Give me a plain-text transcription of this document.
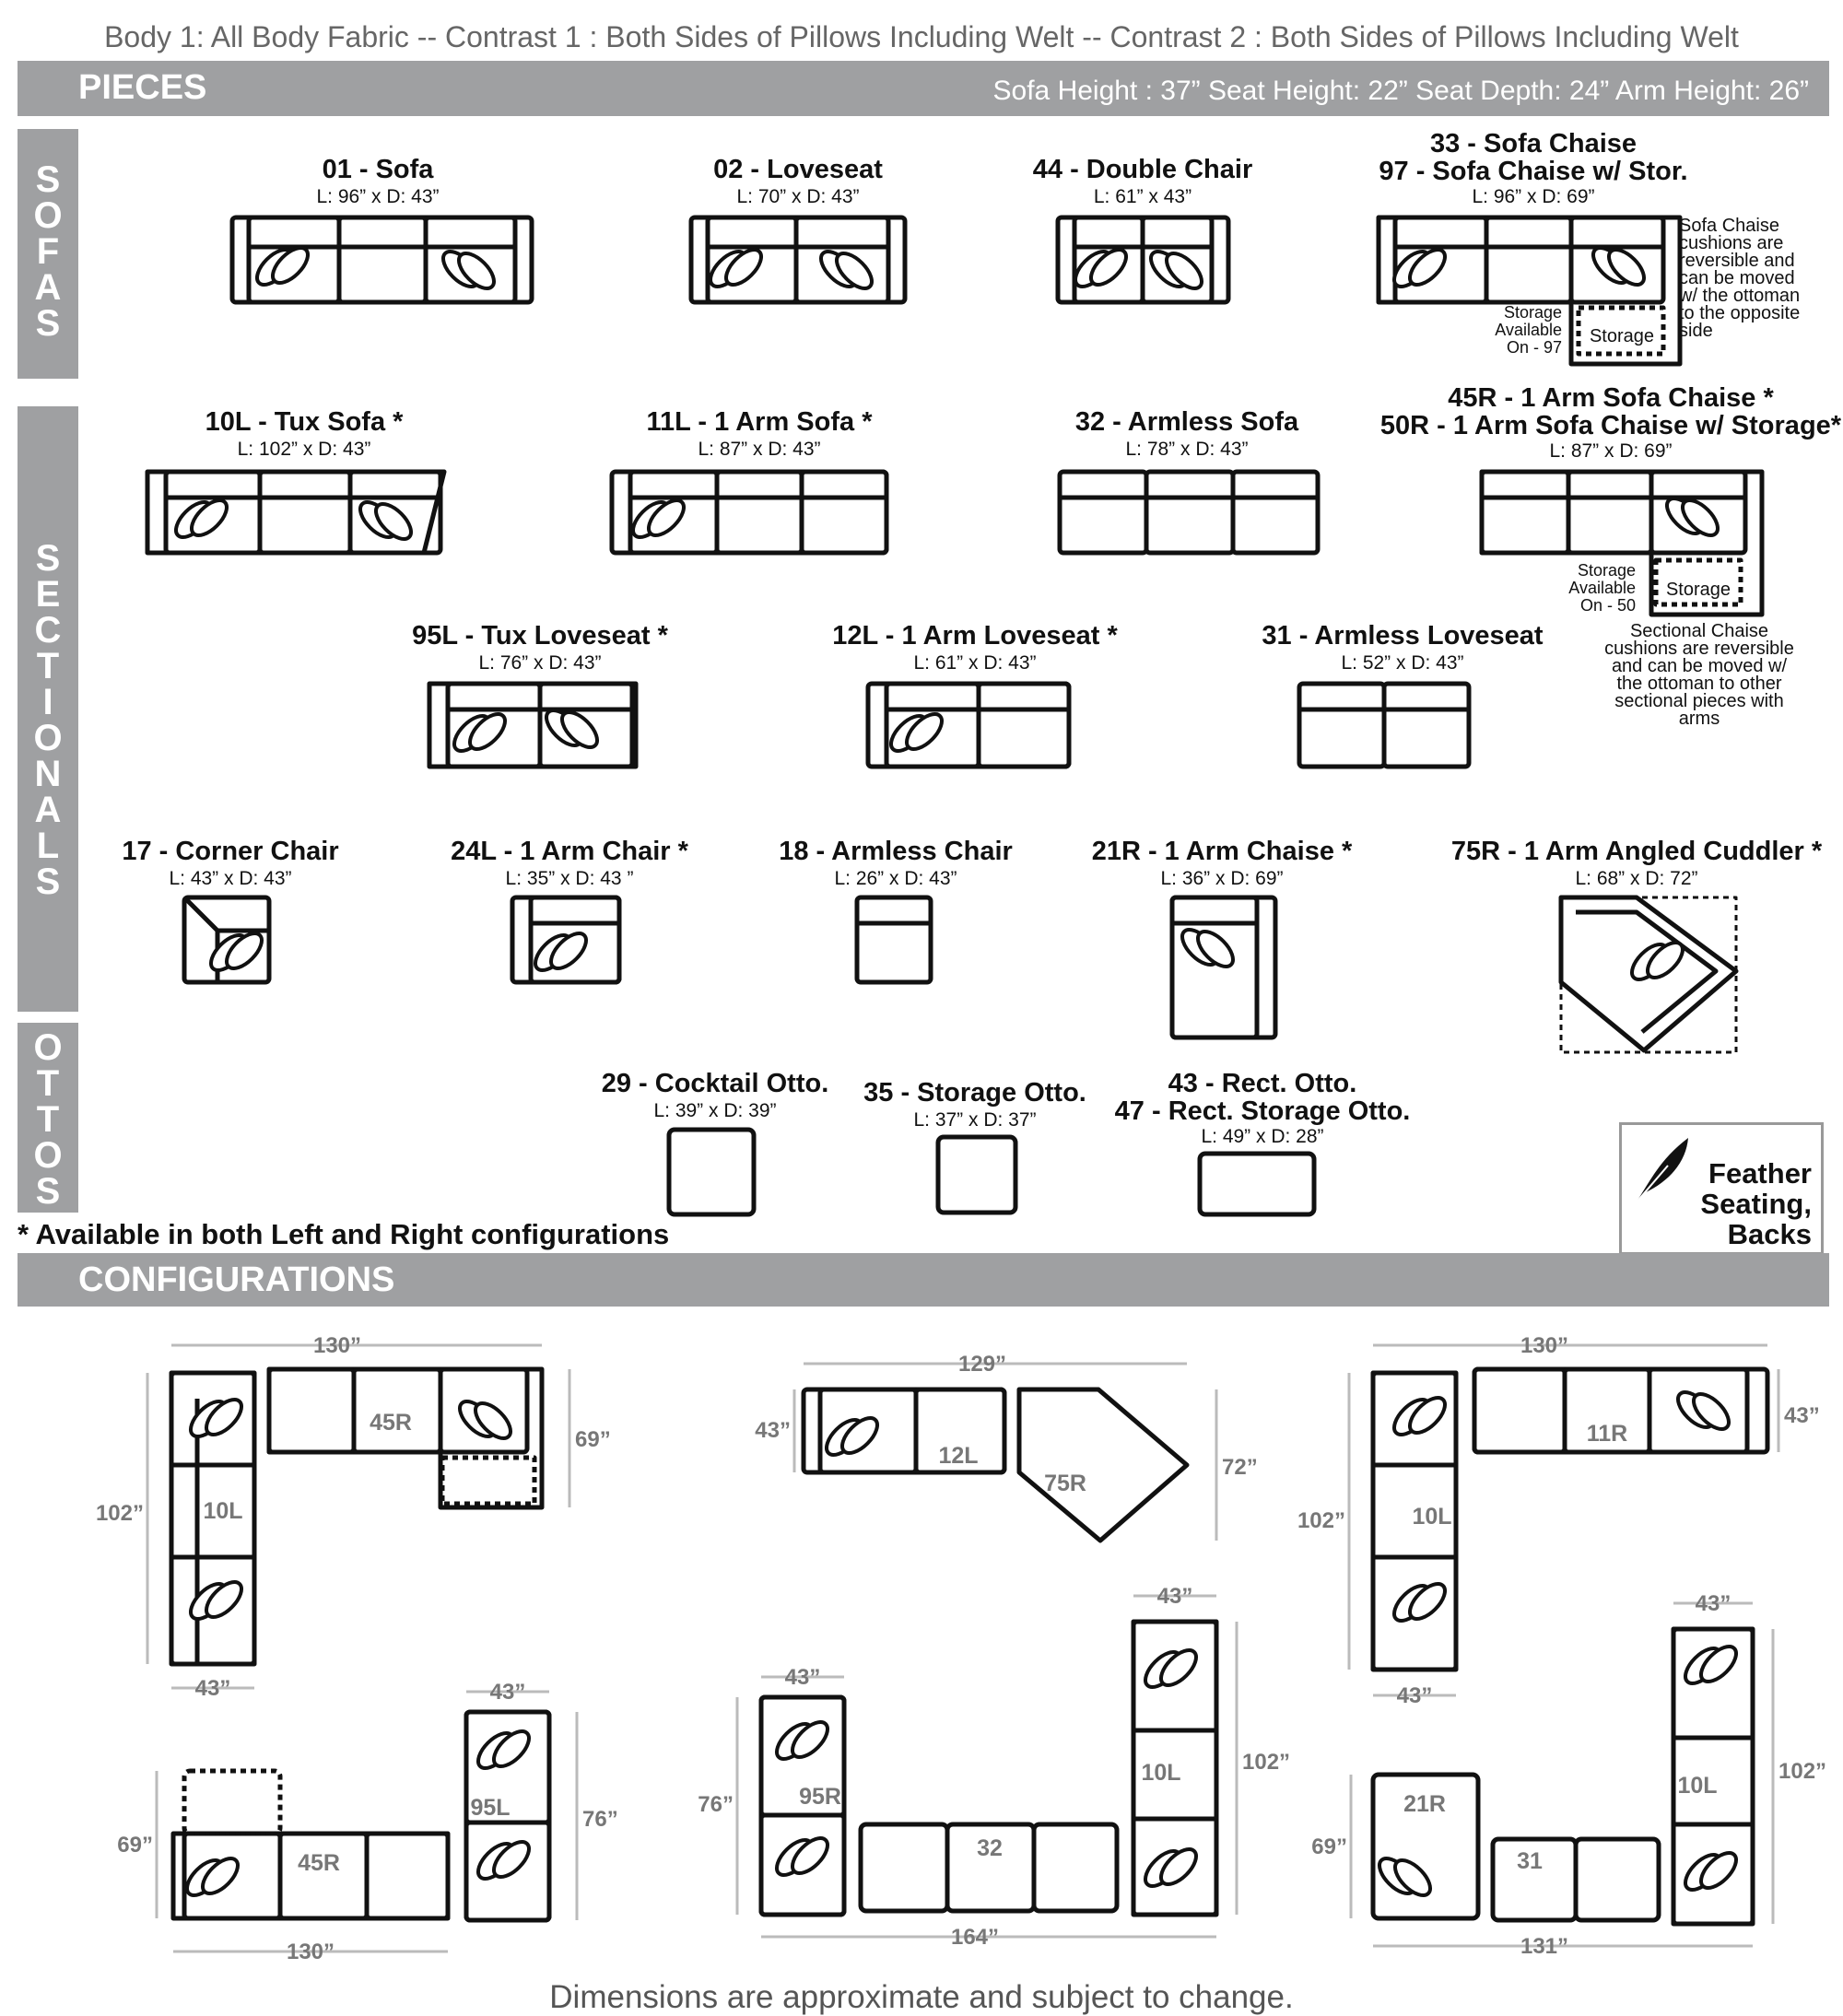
Body 1: All Body Fabric -- Contrast 1 : Both Sides of Pillows Including Welt -- Contrast 2 : Both Sides of Pillows Including Welt
PIECES	Sofa Height : 37” Seat Height: 22” Seat Depth: 24” Arm Height: 26”
S
O
F
A
S
S
E
C
T
I
O
N
A
L
S
O
T
T
O
S
01 - Sofa
L: 96” x D: 43”
02 - Loveseat
L: 70” x D: 43”
44 - Double Chair
L: 61” x 43”
33 - Sofa Chaise
97 - Sofa Chaise w/ Stor.
L: 96” x D: 69”
10L - Tux Sofa *
L: 102” x D: 43”
11L - 1 Arm Sofa *
L: 87” x D: 43”
32 - Armless Sofa
L: 78” x D: 43”
45R - 1 Arm Sofa Chaise *
50R - 1 Arm Sofa Chaise w/ Storage*
L: 87” x D: 69”
95L - Tux Loveseat *
L: 76” x D: 43”
12L - 1 Arm Loveseat *
L: 61” x D: 43”
31 - Armless Loveseat
L: 52” x D: 43”
17 - Corner Chair
L: 43” x D: 43”
24L - 1 Arm Chair *
L: 35” x D: 43 ”
18 - Armless Chair
L: 26” x D: 43”
21R - 1 Arm Chaise *
L: 36” x D: 69”
75R - 1 Arm Angled Cuddler *
L: 68” x D: 72”
29 - Cocktail Otto.
L: 39” x D: 39”
35 - Storage Otto.
L: 37” x D: 37”
43 - Rect. Otto.
47 - Rect. Storage Otto.
L: 49” x D: 28”
Sofa Chaise
cushions are
reversible and
can be moved
w/ the ottoman
to the opposite
side
Storage
Available
On - 97
Storage
Available
On - 50
Sectional Chaise
cushions are reversible
and can be moved w/
the ottoman to other
sectional pieces with
arms
* Available in both Left and Right configurations
Feather
Seating, Backs
CONFIGURATIONS
Storage
Storage
130”
69”
102”
43”
129”
43”
72”
130”
43”
102”
43”
43”
69”
76”
130”
43”
43”
76”
102”
164”
43”
69”
102”
131”
45R
10L
12L
75R
11R
10L
45R
95L	95R
32
10L
21R
31
10L
Dimensions are approximate and subject to change.
